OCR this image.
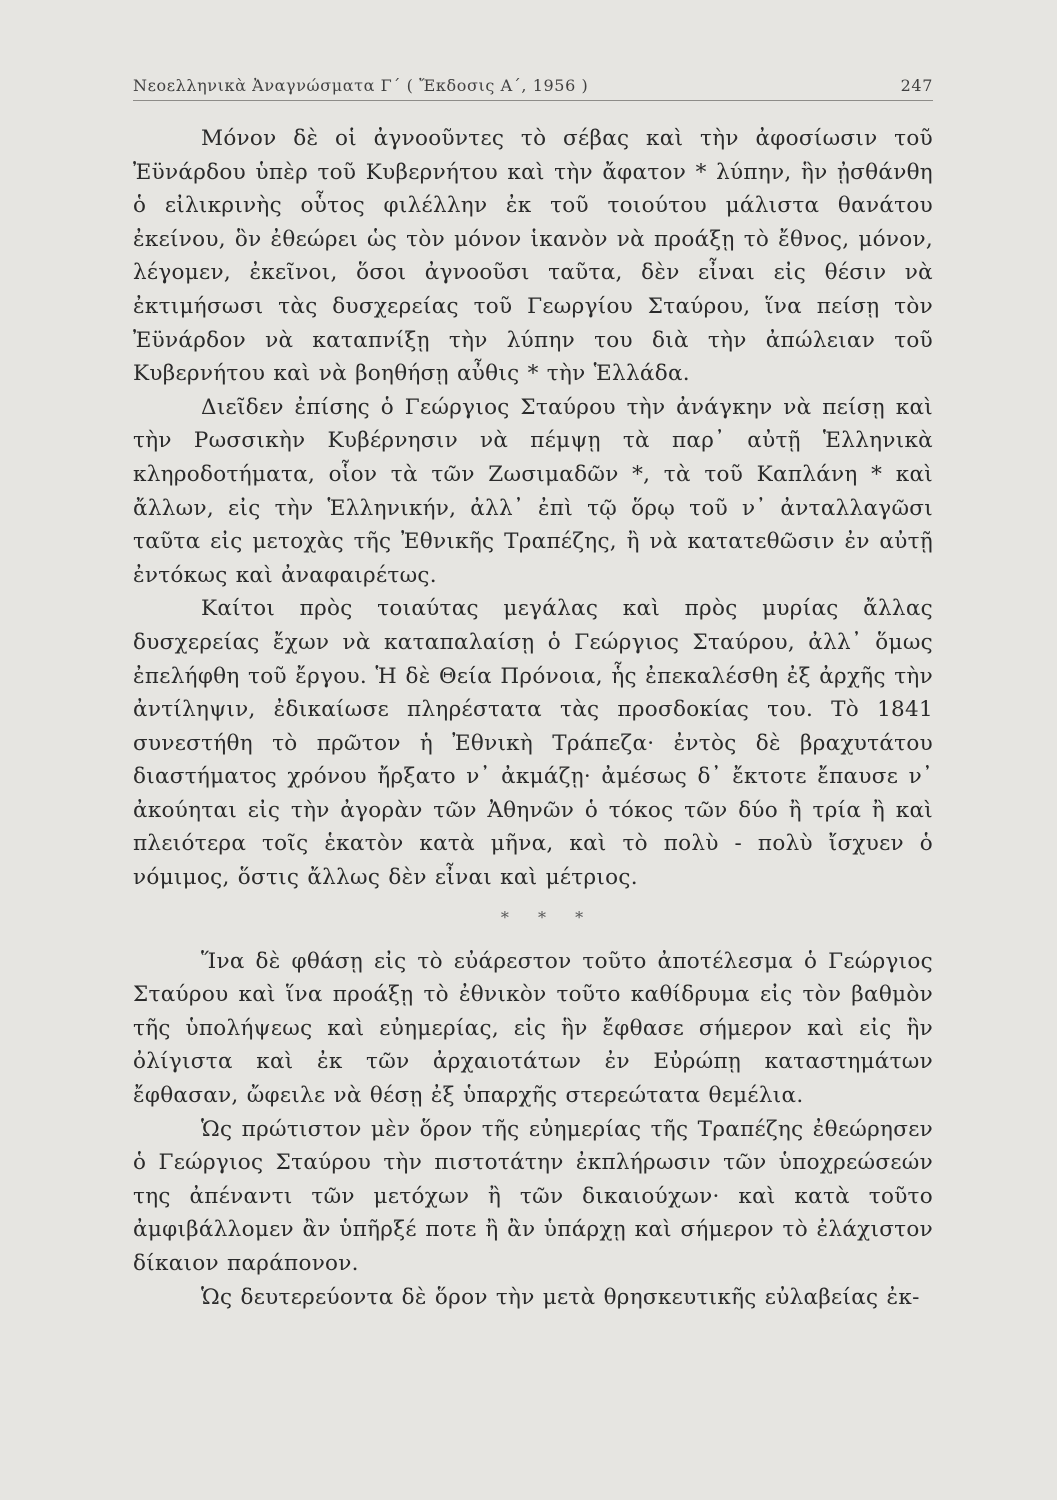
Νεοελληνικὰ Ἀναγνώσματα Γ΄ ( Ἔκδοσις Α΄, 1956 )	247

Μόνον δὲ οἱ ἀγνοοῦντες τὸ σέβας καὶ τὴν ἀφοσίωσιν τοῦ Ἐϋνάρδου ὑπὲρ τοῦ Κυβερνήτου καὶ τὴν ἄφατον * λύπην, ἣν ᾐσθάνθη ὁ εἰλικρινὴς οὗτος φιλέλλην ἐκ τοῦ τοιούτου μάλιστα θανάτου ἐκείνου, ὃν ἐθεώρει ὡς τὸν μόνον ἱκανὸν νὰ προάξῃ τὸ ἔθνος, μόνον, λέγομεν, ἐκεῖνοι, ὅσοι ἀγνοοῦσι ταῦτα, δὲν εἶναι εἰς θέσιν νὰ ἐκτιμήσωσι τὰς δυσχερείας τοῦ Γεωργίου Σταύρου, ἵνα πείσῃ τὸν Ἐϋνάρδον νὰ καταπνίξῃ τὴν λύπην του διὰ τὴν ἀπώλειαν τοῦ Κυβερνήτου καὶ νὰ βοηθήσῃ αὖθις * τὴν Ἑλλάδα.

Διεῖδεν ἐπίσης ὁ Γεώργιος Σταύρου τὴν ἀνάγκην νὰ πείσῃ καὶ τὴν Ρωσσικὴν Κυβέρνησιν νὰ πέμψῃ τὰ παρ᾿ αὐτῇ Ἑλληνικὰ κληροδοτήματα, οἷον τὰ τῶν Ζωσιμαδῶν *, τὰ τοῦ Καπλάνη * καὶ ἄλλων, εἰς τὴν Ἑλληνικήν, ἀλλ᾿ ἐπὶ τῷ ὅρῳ τοῦ ν᾿ ἀνταλλαγῶσι ταῦτα εἰς μετοχὰς τῆς Ἐθνικῆς Τραπέζης, ἢ νὰ κατατεθῶσιν ἐν αὐτῇ ἐντόκως καὶ ἀναφαιρέτως.

Καίτοι πρὸς τοιαύτας μεγάλας καὶ πρὸς μυρίας ἄλλας δυσχερείας ἔχων νὰ καταπαλαίσῃ ὁ Γεώργιος Σταύρου, ἀλλ᾿ ὅμως ἐπελήφθη τοῦ ἔργου. Ἡ δὲ Θεία Πρόνοια, ἧς ἐπεκαλέσθη ἐξ ἀρχῆς τὴν ἀντίληψιν, ἐδικαίωσε πληρέστατα τὰς προσδοκίας του. Τὸ 1841 συνεστήθη τὸ πρῶτον ἡ Ἐθνικὴ Τράπεζα· ἐντὸς δὲ βραχυτάτου διαστήματος χρόνου ἤρξατο ν᾿ ἀκμάζῃ· ἀμέσως δ᾿ ἔκτοτε ἔπαυσε ν᾿ ἀκούηται εἰς τὴν ἀγορὰν τῶν Ἀθηνῶν ὁ τόκος τῶν δύο ἢ τρία ἢ καὶ πλειότερα τοῖς ἑκατὸν κατὰ μῆνα, καὶ τὸ πολὺ - πολὺ ἴσχυεν ὁ νόμιμος, ὅστις ἄλλως δὲν εἶναι καὶ μέτριος.

* * *

Ἵνα δὲ φθάσῃ εἰς τὸ εὐάρεστον τοῦτο ἀποτέλεσμα ὁ Γεώργιος Σταύρου καὶ ἵνα προάξῃ τὸ ἐθνικὸν τοῦτο καθίδρυμα εἰς τὸν βαθμὸν τῆς ὑπολήψεως καὶ εὐημερίας, εἰς ἣν ἔφθασε σήμερον καὶ εἰς ἣν ὀλίγιστα καὶ ἐκ τῶν ἀρχαιοτάτων ἐν Εὐρώπῃ καταστημάτων ἔφθασαν, ὤφειλε νὰ θέσῃ ἐξ ὑπαρχῆς στερεώτατα θεμέλια.

Ὡς πρώτιστον μὲν ὅρον τῆς εὐημερίας τῆς Τραπέζης ἐθεώρησεν ὁ Γεώργιος Σταύρου τὴν πιστοτάτην ἐκπλήρωσιν τῶν ὑποχρεώσεών της ἀπέναντι τῶν μετόχων ἢ τῶν δικαιούχων· καὶ κατὰ τοῦτο ἀμφιβάλλομεν ἂν ὑπῆρξέ ποτε ἢ ἂν ὑπάρχῃ καὶ σήμερον τὸ ἐλάχιστον δίκαιον παράπονον.

Ὡς δευτερεύοντα δὲ ὅρον τὴν μετὰ θρησκευτικῆς εὐλαβείας ἐκ-
